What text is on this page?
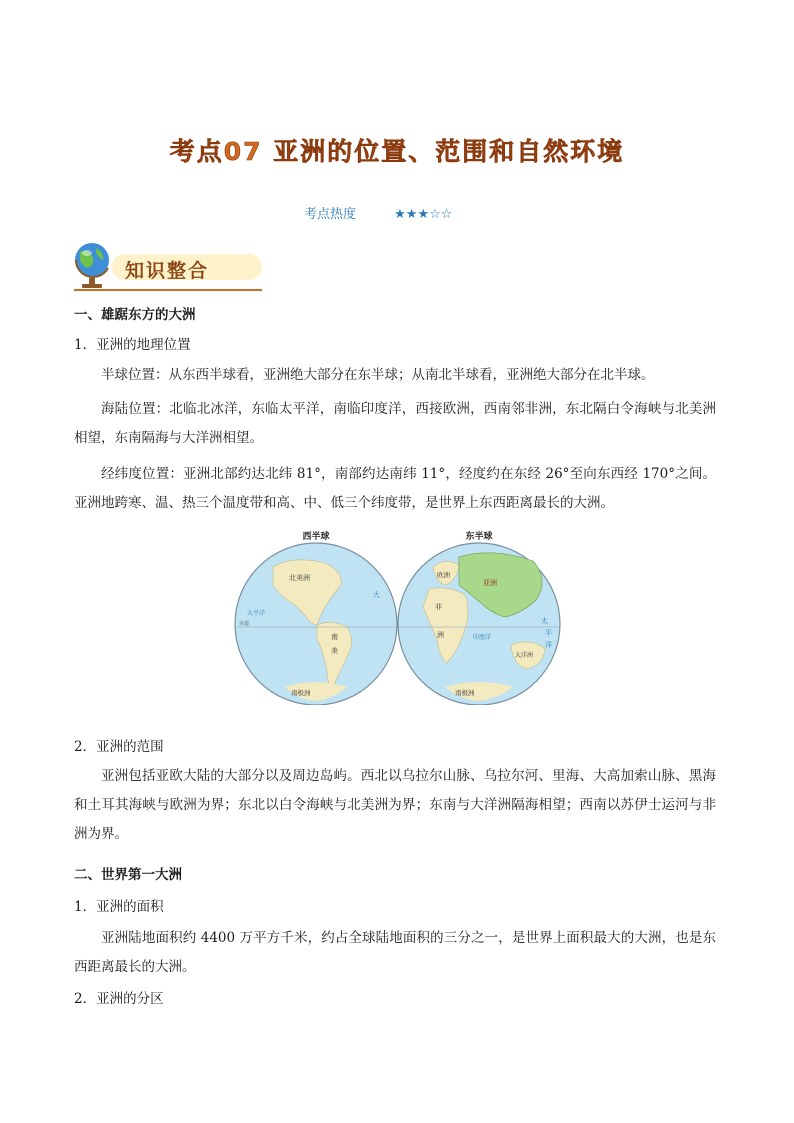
考点07 亚洲的位置、范围和自然环境
考点热度	★★★☆☆
知识整合
一、雄踞东方的大洲
1．亚洲的地理位置
半球位置：从东西半球看，亚洲绝大部分在东半球；从南北半球看，亚洲绝大部分在北半球。
海陆位置：北临北冰洋，东临太平洋，南临印度洋，西接欧洲，西南邻非洲，东北隔白令海峡与北美洲相望，东南隔海与大洋洲相望。
经纬度位置：亚洲北部约达北纬 81°，南部约达南纬 11°，经度约在东经 26°至向东西经 170°之间。亚洲地跨寒、温、热三个温度带和高、中、低三个纬度带，是世界上东西距离最长的大洲。
西半球
北美洲
南
美
南极洲
太平洋
大
赤道
东半球
欧洲
亚洲
非
洲	印度洋
大洋洲
太
平
洋
南极洲
2．亚洲的范围
亚洲包括亚欧大陆的大部分以及周边岛屿。西北以乌拉尔山脉、乌拉尔河、里海、大高加索山脉、黑海和土耳其海峡与欧洲为界；东北以白令海峡与北美洲为界；东南与大洋洲隔海相望；西南以苏伊士运河与非洲为界。
二、世界第一大洲
1．亚洲的面积
亚洲陆地面积约 4400 万平方千米，约占全球陆地面积的三分之一，是世界上面积最大的大洲，也是东西距离最长的大洲。
2．亚洲的分区
